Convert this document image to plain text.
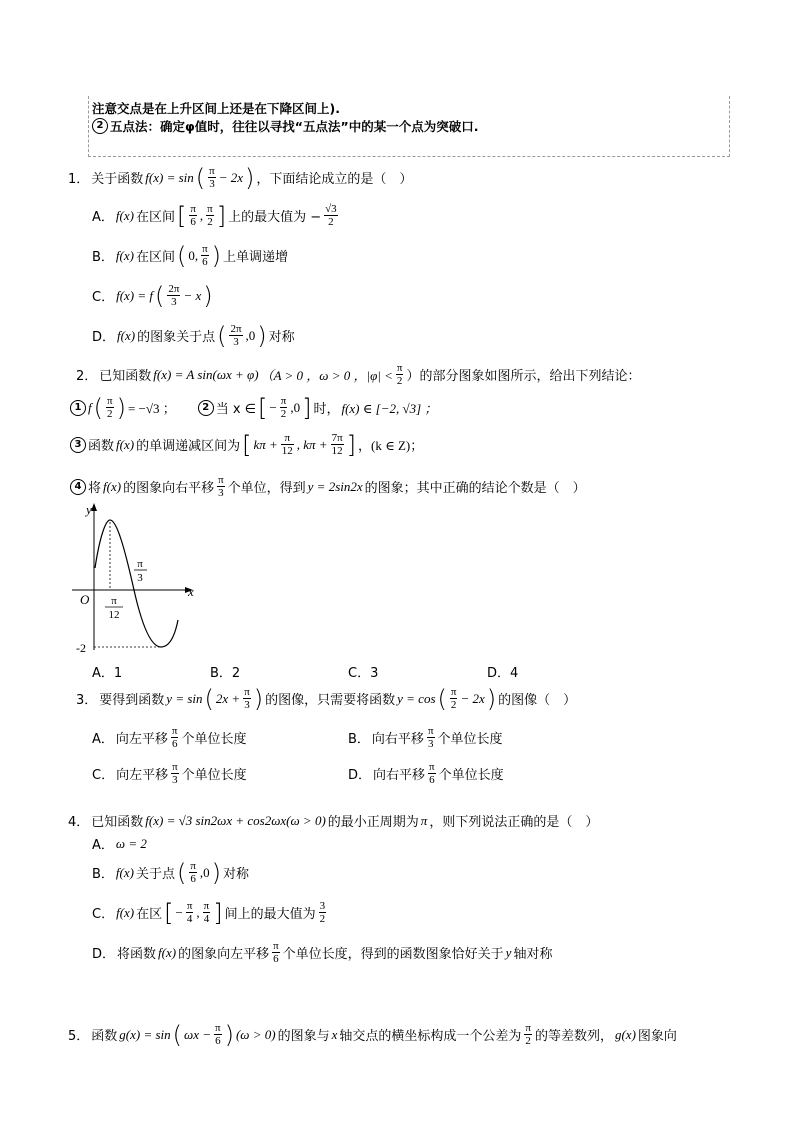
注意交点是在上升区间上还是在下降区间上).
2 五点法：确定φ值时，往往以寻找“五点法”中的某一个点为突破口.
1． 关于函数 f(x) = sin ( $\frac{\pi}{3} - 2x$ ) ，下面结论成立的是（　）
A． f(x) 在区间 [ $\frac{\pi}{6}$ , $\frac{\pi}{2}$ ] 上的最大值为 − $\frac{√3}{2}$
B． f(x) 在区间 ( 0, $\frac{\pi}{6}$ ) 上单调递增
C． f(x) = f ( $\frac{2\pi}{3} - x$ )
D． f(x) 的图象关于点 ( $\frac{2\pi}{3} ,0$ ) 对称
2． 已知函数 f(x) = A sin(ωx + φ) （A > 0 ，ω > 0 ，$|\varphi| < \frac{\pi}{2}$ ）的部分图象如图所示，给出下列结论：
1 f ( $\frac{\pi}{2}$ ) = −√3 ；	2 当 x ∈ [ − $\frac{\pi}{2} ,0$ ] 时， f(x) ∈ [−2, √3] ；
3 函数 f(x) 的单调递减区间为 [ $k\pi + \frac{\pi}{12}$ , $k\pi + \frac{7\pi}{12}$ ] ，(k ∈ Z)；
4 将 f(x) 的图象向右平移 $\frac{\pi}{3}$ 个单位，得到 y = 2sin2x 的图象；其中正确的结论个数是（　）
y
x
O
π
3
π
12
-2
A．1	B．2	C．3	D．4
3． 要得到函数 y = sin ( $2x + \frac{\pi}{3}$ ) 的图像，只需要将函数 y = cos ( $\frac{\pi}{2} - 2x$ ) 的图像（　）
A． 向左平移 $\frac{\pi}{6}$ 个单位长度	B． 向右平移 $\frac{\pi}{3}$ 个单位长度
C． 向左平移 $\frac{\pi}{3}$ 个单位长度	D． 向右平移 $\frac{\pi}{6}$ 个单位长度
4． 已知函数 f(x) = √3 sin2ωx + cos2ωx(ω > 0) 的最小正周期为 π ，则下列说法正确的是（　）
A． ω = 2
B． f(x) 关于点 ( $\frac{\pi}{6} ,0$ ) 对称
C． f(x) 在区 [ − $\frac{\pi}{4}$ , $\frac{\pi}{4}$ ] 间上的最大值为 $\frac{3}{2}$
D． 将函数 f(x) 的图象向左平移 $\frac{\pi}{6}$ 个单位长度，得到的函数图象恰好关于 y 轴对称
5． 函数 g(x) = sin ( $\omega x - \frac{\pi}{6}$ ) (ω > 0) 的图象与 x 轴交点的横坐标构成一个公差为 $\frac{\pi}{2}$ 的等差数列， g(x) 图象向
